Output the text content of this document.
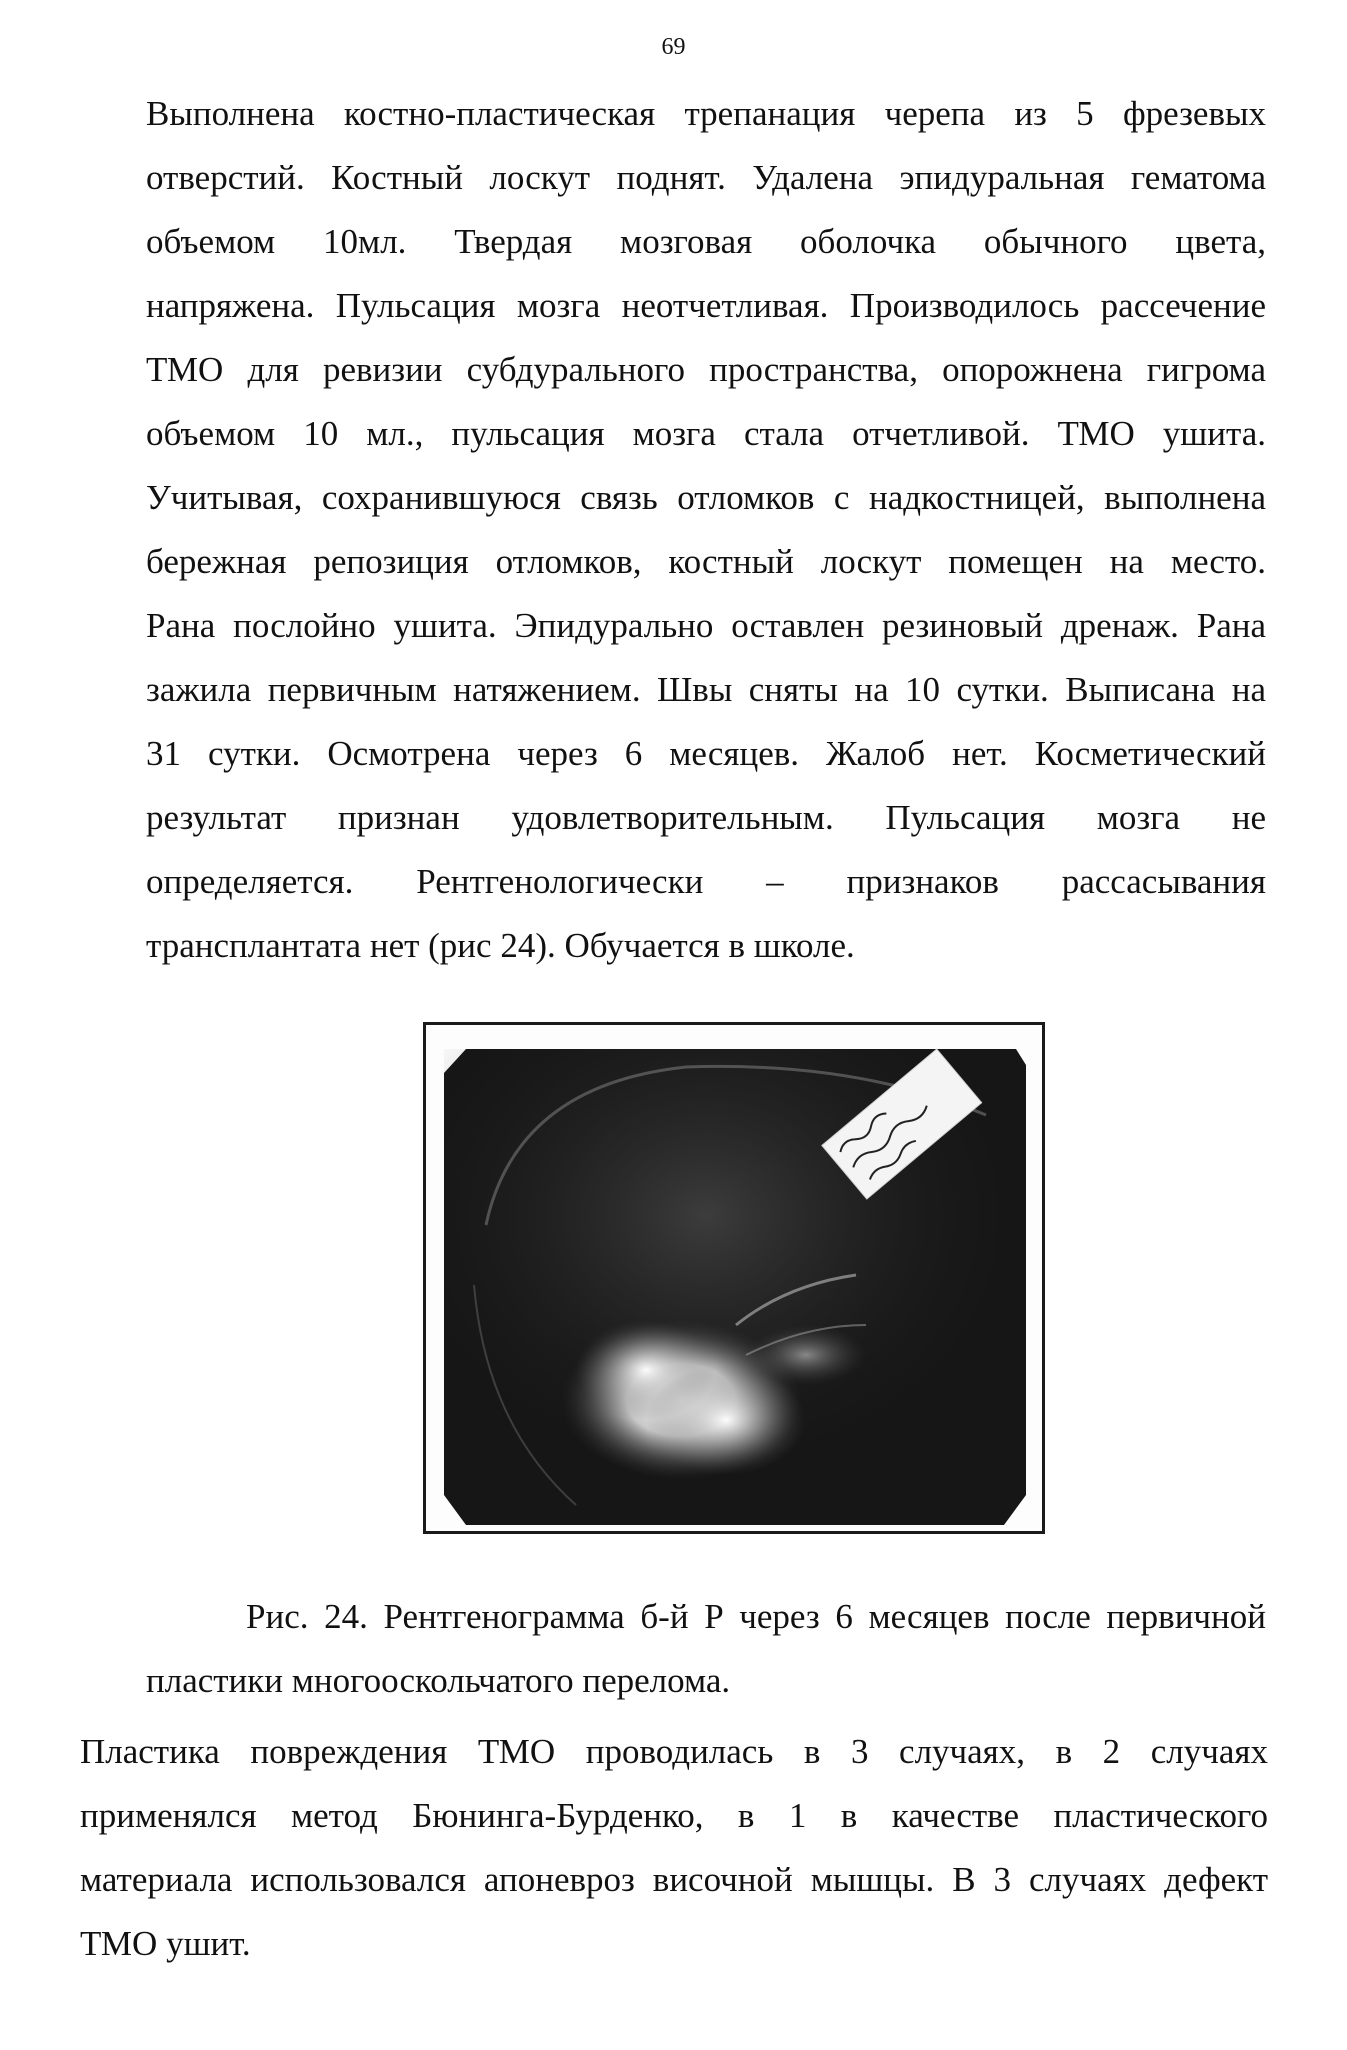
69
Выполнена костно-пластическая трепанация черепа из 5 фрезевых
отверстий. Костный лоскут поднят. Удалена эпидуральная гематома
объемом 10мл. Твердая мозговая оболочка обычного цвета,
напряжена. Пульсация мозга неотчетливая. Производилось рассечение
ТМО для ревизии субдурального пространства, опорожнена гигрома
объемом 10 мл., пульсация мозга стала отчетливой. ТМО ушита.
Учитывая, сохранившуюся связь отломков с надкостницей, выполнена
бережная репозиция отломков, костный лоскут помещен на место.
Рана послойно ушита. Эпидурально оставлен резиновый дренаж. Рана
зажила первичным натяжением. Швы сняты на 10 сутки. Выписана на
31 сутки. Осмотрена через 6 месяцев. Жалоб нет. Косметический
результат признан удовлетворительным. Пульсация мозга не
определяется. Рентгенологически – признаков рассасывания
трансплантата нет (рис 24). Обучается в школе.
Рис. 24. Рентгенограмма б-й Р через 6 месяцев после первичной
пластики многооскольчатого перелома.
Пластика повреждения ТМО проводилась в 3 случаях, в 2 случаях
применялся метод Бюнинга-Бурденко, в 1 в качестве пластического
материала использовался апоневроз височной мышцы. В 3 случаях дефект
ТМО ушит.
